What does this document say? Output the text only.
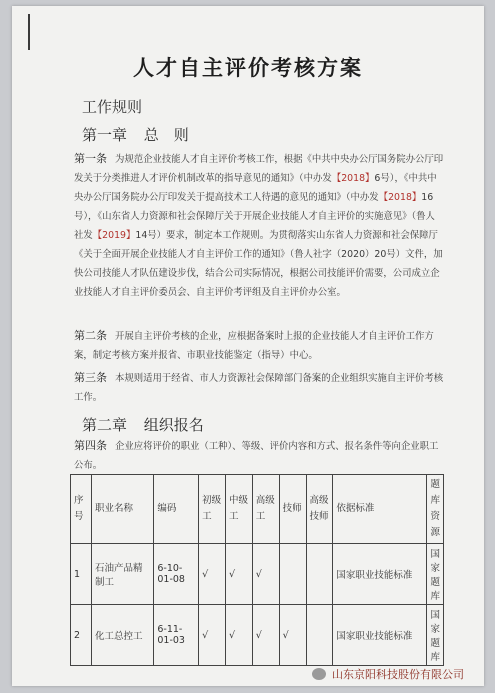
人才自主评价考核方案
工作规则
第一章 总　则
第一条 为规范企业技能人才自主评价考核工作，根据《中共中央办公厅国务院办公厅印发关于分类推进人才评价机制改革的指导意见的通知》（中办发【2018】6号），《中共中央办公厅国务院办公厅印发关于提高技术工人待遇的意见的通知》（中办发【2018】16号），《山东省人力资源和社会保障厅关于开展企业技能人才自主评价的实施意见》（鲁人社发【2019】14号）要求，制定本工作规则。为贯彻落实山东省人力资源和社会保障厅《关于全面开展企业技能人才自主评价工作的通知》（鲁人社字（2020）20号）文件，加快公司技能人才队伍建设步伐，结合公司实际情况，根据公司技能评价需要，公司成立企业技能人才自主评价委员会、自主评价考评组及自主评价办公室。
第二条 开展自主评价考核的企业，应根据备案时上报的企业技能人才自主评价工作方案，制定考核方案并报省、市职业技能鉴定（指导）中心。
第三条 本规则适用于经省、市人力资源社会保障部门备案的企业组织实施自主评价考核工作。
第二章 组织报名
第四条 企业应将评价的职业（工种）、等级、评价内容和方式、报名条件等向企业职工公布。
序号	职业名称	编码	初级工	中级工	高级工	技师	高级技师	依据标准	题库资源
1	石油产品精制工	6-10-01-08	√	√	√			国家职业技能标准	国家题库
2	化工总控工	6-11-01-03	√	√	√	√		国家职业技能标准	国家题库
山东京阳科技股份有限公司
